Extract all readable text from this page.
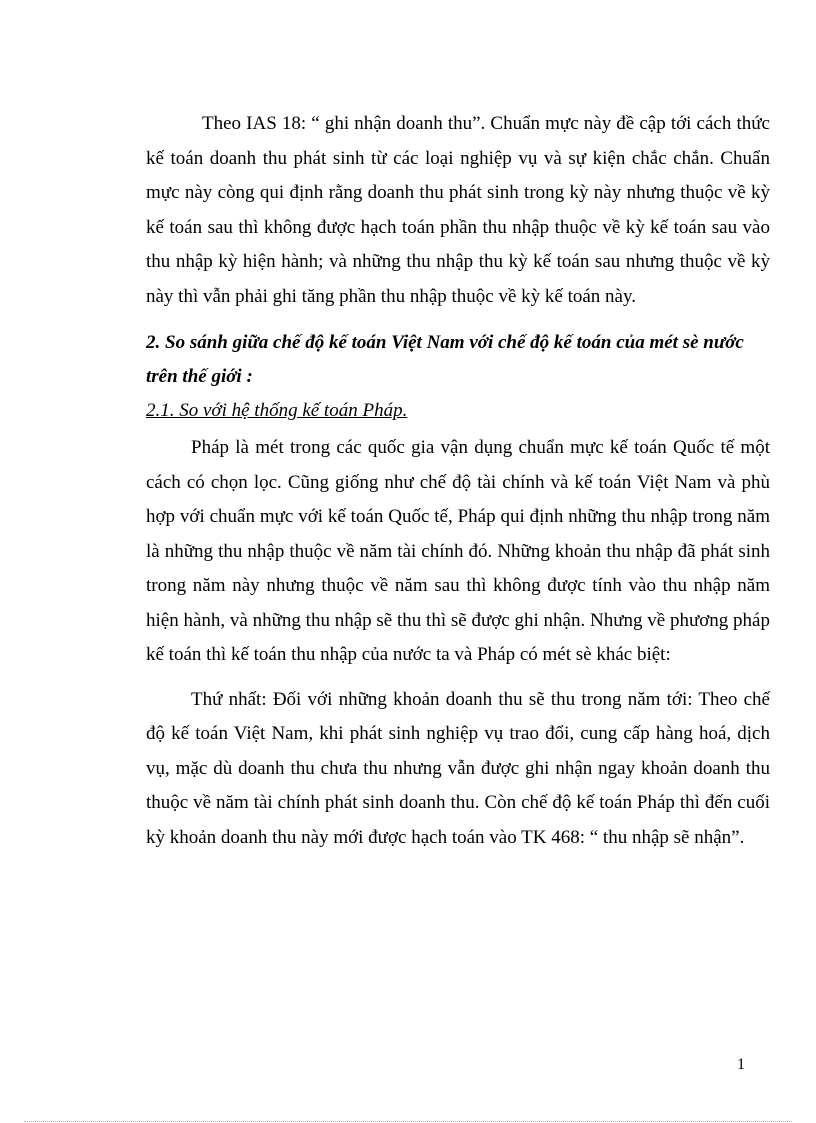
Theo IAS 18: “ ghi nhận doanh thu”. Chuẩn mực này đề cập tới cách thức kế toán doanh thu phát sinh từ các loại nghiệp vụ và sự kiện chắc chắn. Chuẩn mực này còng qui định rằng doanh thu phát sinh trong kỳ này nhưng thuộc về kỳ kế toán sau thì không được hạch toán phần thu nhập thuộc về kỳ kế toán sau vào thu nhập kỳ hiện hành; và những thu nhập thu kỳ kế toán sau nhưng thuộc về kỳ này thì vẫn phải ghi tăng phần thu nhập thuộc về kỳ kế toán này.

2. So sánh giữa chế độ kế toán Việt Nam với chế độ kế toán của mét sè nước trên thế giới :
2.1. So với hệ thống kế toán Pháp.

Pháp là mét trong các quốc gia vận dụng chuẩn mực kế toán Quốc tế một cách có chọn lọc. Cũng giống như chế độ tài chính và kế toán Việt Nam và phù hợp với chuẩn mực với kế toán Quốc tế, Pháp qui định những thu nhập trong năm là những thu nhập thuộc về năm tài chính đó. Những khoản thu nhập đã phát sinh trong năm này nhưng thuộc về năm sau thì không được tính vào thu nhập năm hiện hành, và những thu nhập sẽ thu thì sẽ được ghi nhận. Nhưng về phương pháp kế toán thì kế toán thu nhập của nước ta và Pháp có mét sè khác biệt:

Thứ nhất: Đối với những khoản doanh thu sẽ thu trong năm tới: Theo chế độ kế toán Việt Nam, khi phát sinh nghiệp vụ trao đổi, cung cấp hàng hoá, dịch vụ, mặc dù doanh thu chưa thu nhưng vẫn được ghi nhận ngay khoản doanh thu thuộc về năm tài chính phát sinh doanh thu. Còn chế độ kế toán Pháp thì đến cuối kỳ khoản doanh thu này mới được hạch toán vào TK 468: “ thu nhập sẽ nhận”.

1
